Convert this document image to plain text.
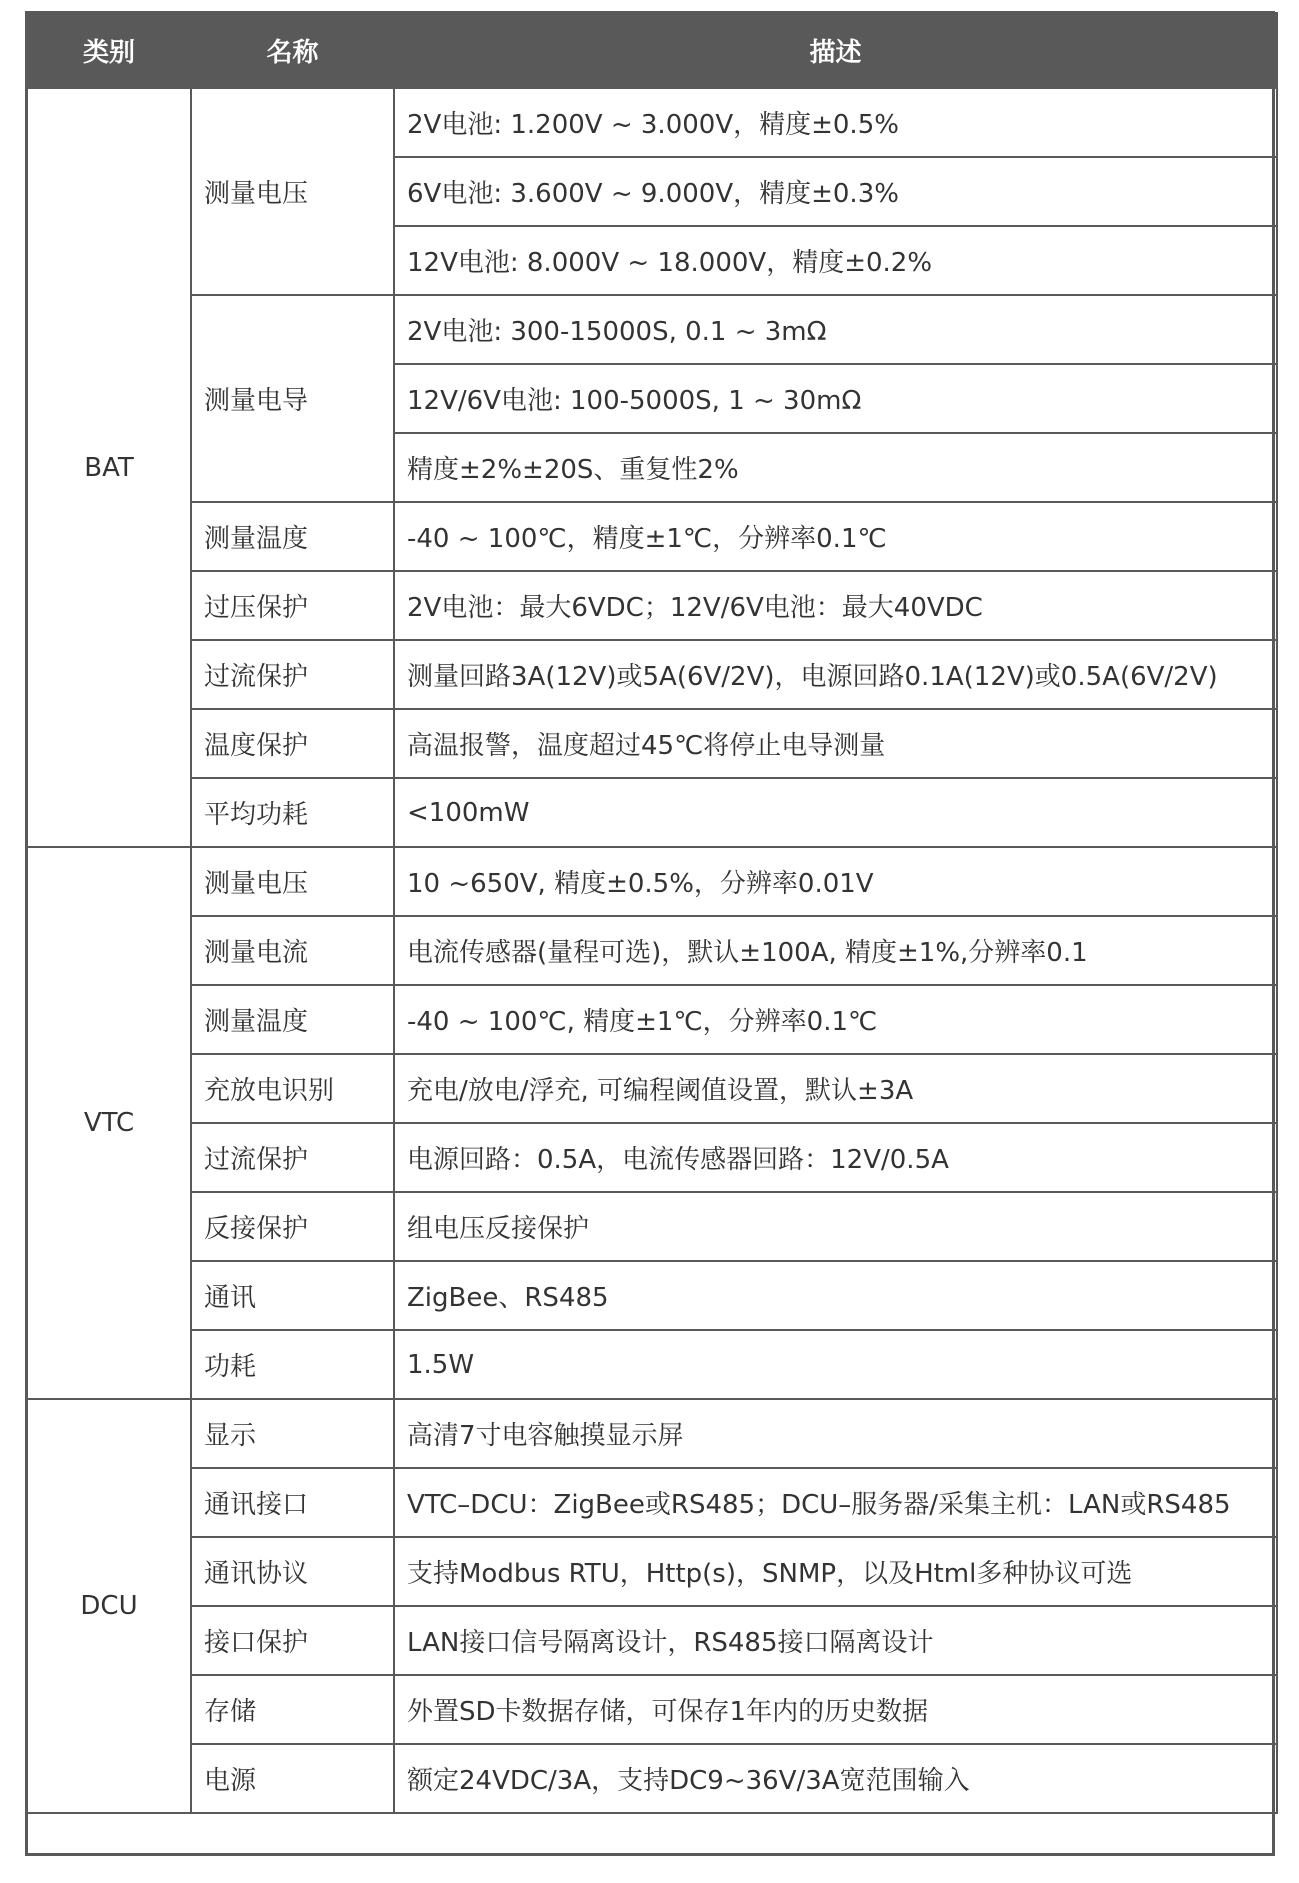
类别	名称	描述
BAT	测量电压	2V电池: 1.200V ~ 3.000V，精度±0.5%
		6V电池: 3.600V ~ 9.000V，精度±0.3%
		12V电池: 8.000V ~ 18.000V，精度±0.2%
	测量电导	2V电池: 300-15000S, 0.1 ~ 3mΩ
		12V/6V电池: 100-5000S, 1 ~ 30mΩ
		精度±2%±20S、重复性2%
	测量温度	-40 ~ 100℃，精度±1℃，分辨率0.1℃
	过压保护	2V电池：最大6VDC；12V/6V电池：最大40VDC
	过流保护	测量回路3A(12V)或5A(6V/2V)，电源回路0.1A(12V)或0.5A(6V/2V)
	温度保护	高温报警，温度超过45℃将停止电导测量
	平均功耗	<100mW
VTC	测量电压	10 ~650V, 精度±0.5%，分辨率0.01V
	测量电流	电流传感器(量程可选)，默认±100A, 精度±1%,分辨率0.1
	测量温度	-40 ~ 100℃, 精度±1℃，分辨率0.1℃
	充放电识别	充电/放电/浮充, 可编程阈值设置，默认±3A
	过流保护	电源回路：0.5A，电流传感器回路：12V/0.5A
	反接保护	组电压反接保护
	通讯	ZigBee、RS485
	功耗	1.5W
DCU	显示	高清7寸电容触摸显示屏
	通讯接口	VTC–DCU：ZigBee或RS485；DCU–服务器/采集主机：LAN或RS485
	通讯协议	支持Modbus RTU，Http(s)，SNMP，以及Html多种协议可选
	接口保护	LAN接口信号隔离设计，RS485接口隔离设计
	存储	外置SD卡数据存储，可保存1年内的历史数据
	电源	额定24VDC/3A，支持DC9~36V/3A宽范围输入
